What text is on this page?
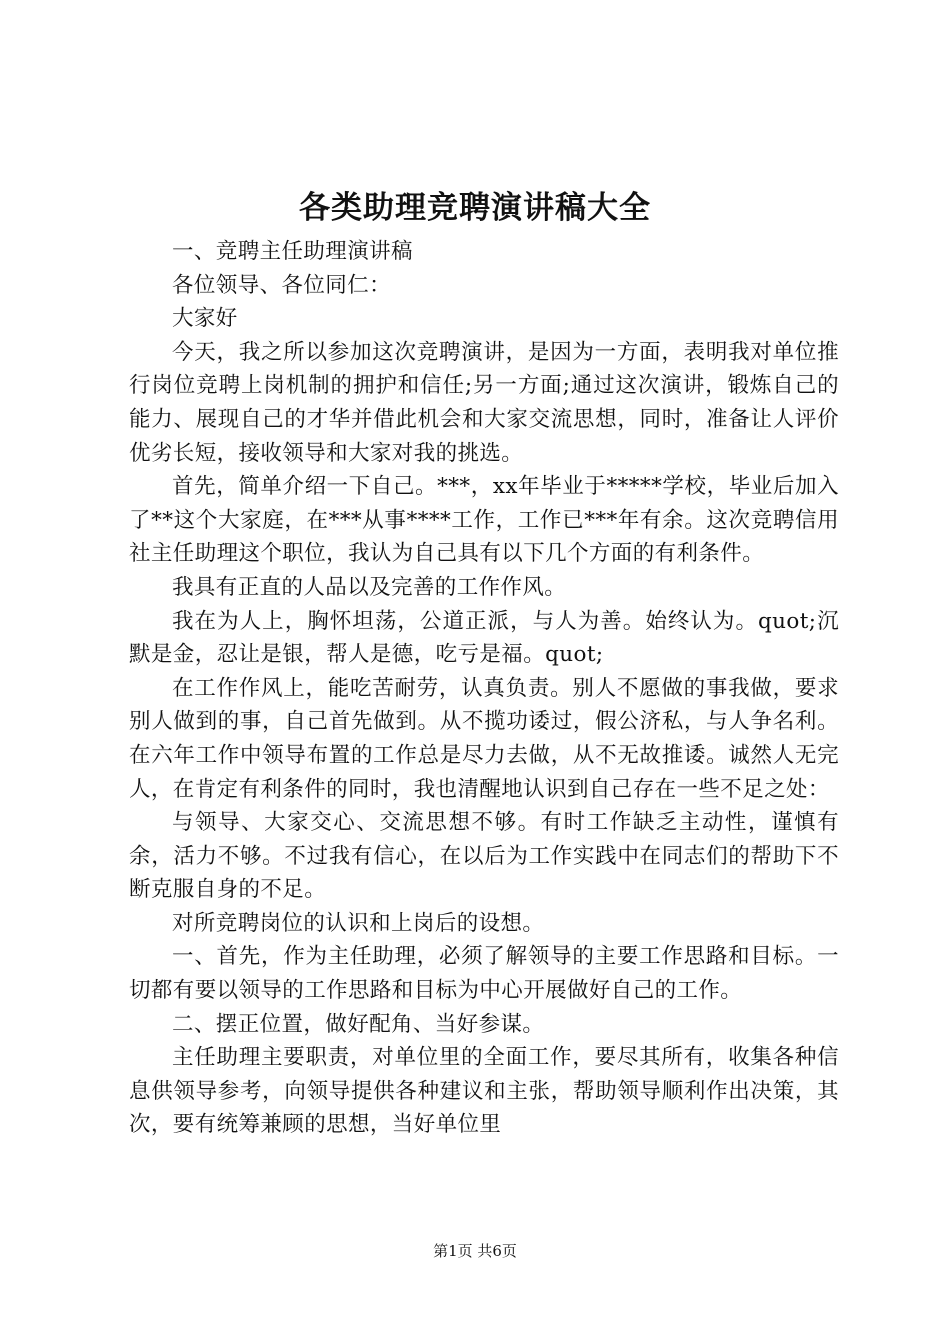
各类助理竞聘演讲稿大全

一、竞聘主任助理演讲稿

各位领导、各位同仁：

大家好

今天，我之所以参加这次竞聘演讲，是因为一方面，表明我对单位推行岗位竞聘上岗机制的拥护和信任;另一方面;通过这次演讲，锻炼自己的能力、展现自己的才华并借此机会和大家交流思想，同时，准备让人评价优劣长短，接收领导和大家对我的挑选。

首先，简单介绍一下自己。***，xx年毕业于*****学校，毕业后加入了**这个大家庭，在***从事****工作，工作已***年有余。这次竞聘信用社主任助理这个职位，我认为自己具有以下几个方面的有利条件。

我具有正直的人品以及完善的工作作风。

我在为人上，胸怀坦荡，公道正派，与人为善。始终认为。quot;沉默是金，忍让是银，帮人是德，吃亏是福。quot;

在工作作风上，能吃苦耐劳，认真负责。别人不愿做的事我做，要求别人做到的事，自己首先做到。从不揽功诿过，假公济私，与人争名利。在六年工作中领导布置的工作总是尽力去做，从不无故推诿。诚然人无完人，在肯定有利条件的同时，我也清醒地认识到自己存在一些不足之处：

与领导、大家交心、交流思想不够。有时工作缺乏主动性，谨慎有余，活力不够。不过我有信心，在以后为工作实践中在同志们的帮助下不断克服自身的不足。

对所竞聘岗位的认识和上岗后的设想。

一、首先，作为主任助理，必须了解领导的主要工作思路和目标。一切都有要以领导的工作思路和目标为中心开展做好自己的工作。

二、摆正位置，做好配角、当好参谋。

主任助理主要职责，对单位里的全面工作，要尽其所有，收集各种信息供领导参考，向领导提供各种建议和主张，帮助领导顺利作出决策，其次，要有统筹兼顾的思想，当好单位里

第1页 共6页
